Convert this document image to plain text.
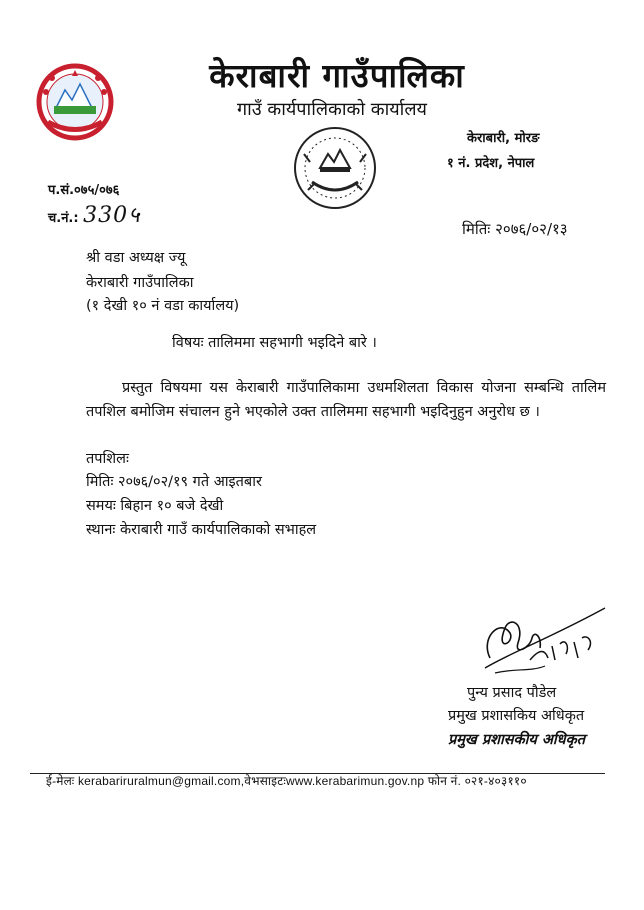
केराबारी गाउँपालिका
गाउँ कार्यपालिकाको कार्यालय
केराबारी, मोरङ
१ नं. प्रदेश, नेपाल
प.सं.०७५/०७६
च.नं.: 330५
मितिः २०७६/०२/१३
श्री वडा अध्यक्ष ज्यू
केराबारी गाउँपालिका
(१ देखी १० नं वडा कार्यालय)
विषयः तालिममा सहभागी भइदिने बारे ।
प्रस्तुत विषयमा यस केराबारी गाउँपालिकामा उधमशिलता विकास योजना सम्बन्धि तालिम तपशिल बमोजिम संचालन हुने भएकोले उक्त तालिममा सहभागी भइदिनुहुन अनुरोध छ ।
तपशिलः
मितिः २०७६/०२/१९ गते आइतबार
समयः बिहान १० बजे देखी
स्थानः केराबारी गाउँ कार्यपालिकाको सभाहल
पुन्य प्रसाद पौडेल
प्रमुख प्रशासकिय अधिकृत
प्रमुख प्रशासकीय अधिकृत
ई-मेलः kerabariruralmun@gmail.com,वेभसाइटःwww.kerabarimun.gov.np फोन नं. ०२१-४०३११०
